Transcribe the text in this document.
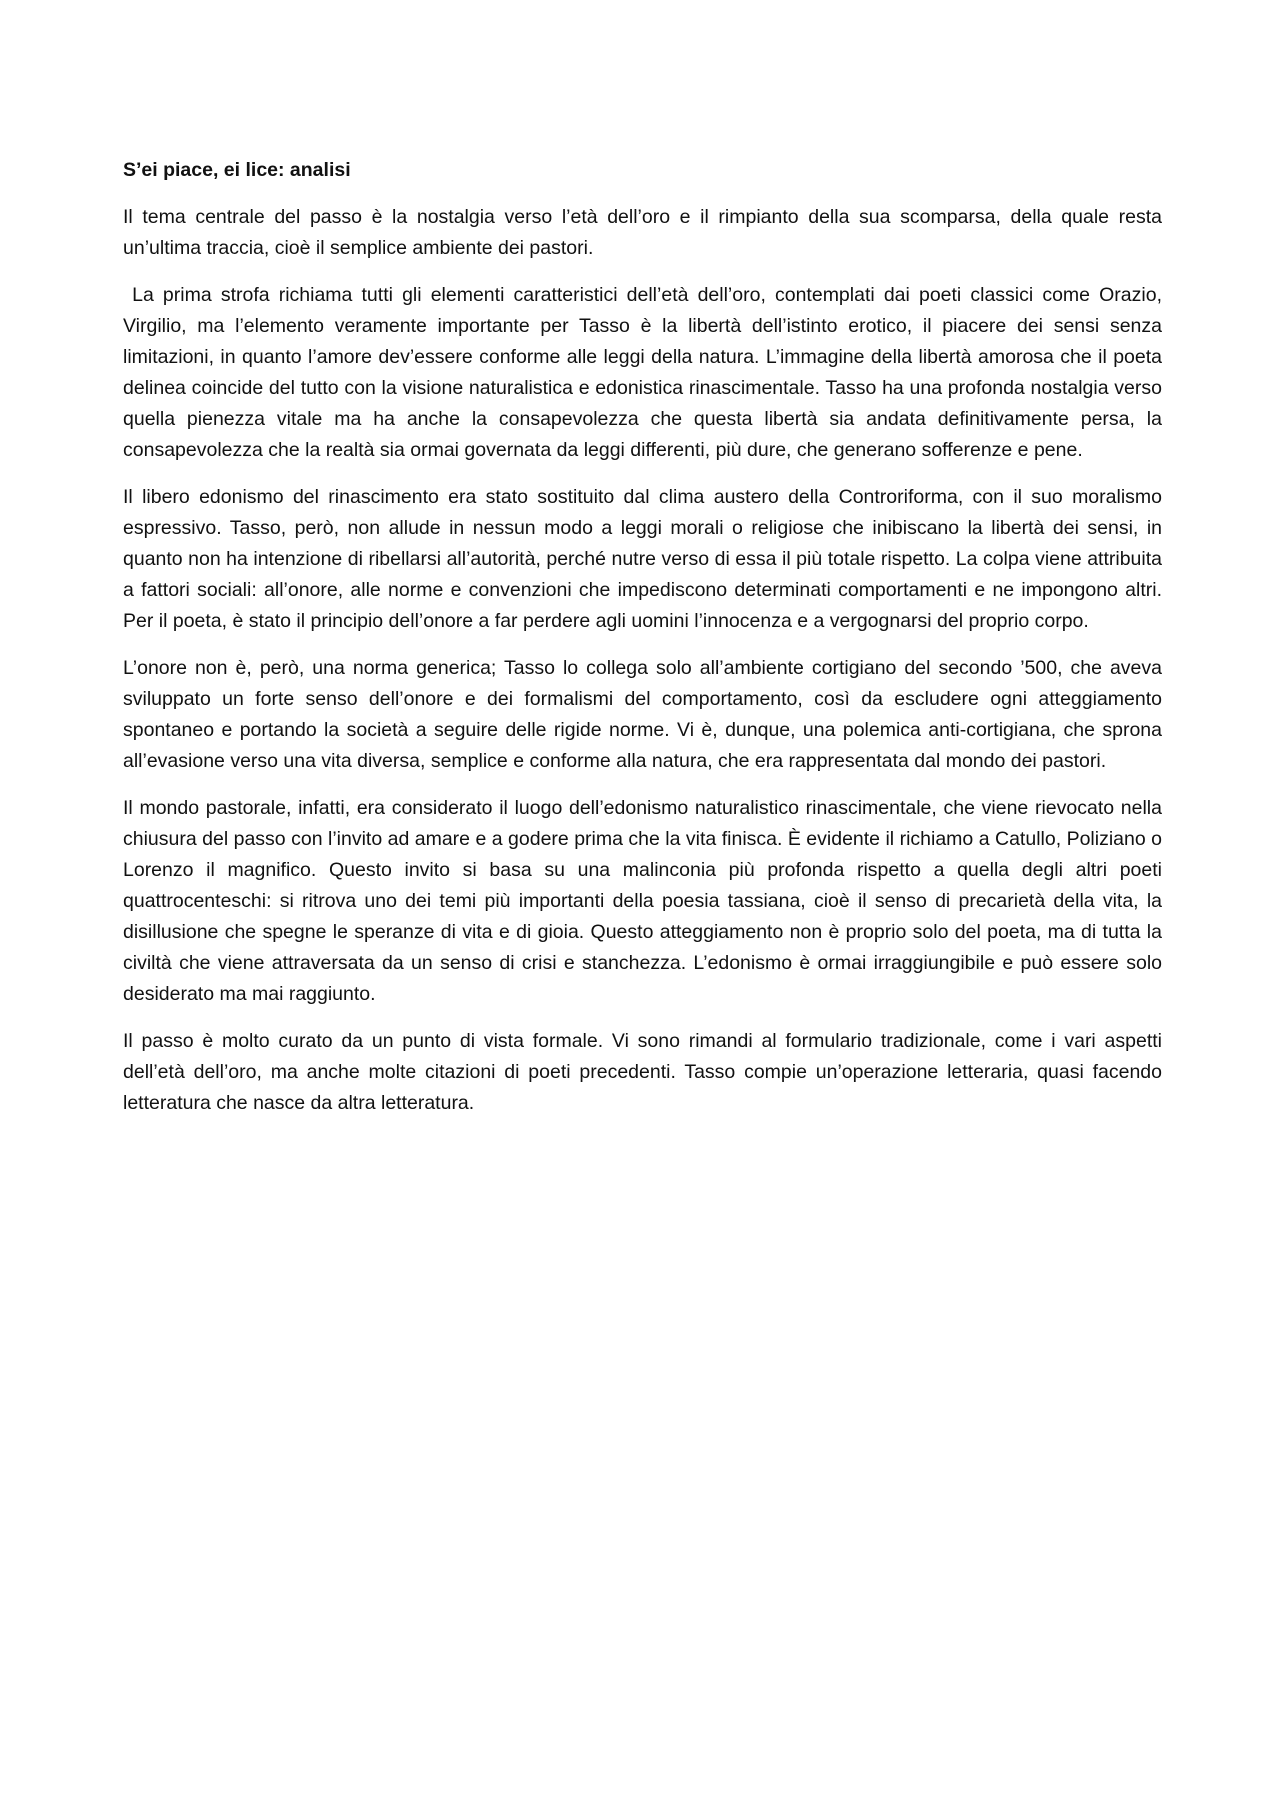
S’ei piace, ei lice: analisi

Il tema centrale del passo è la nostalgia verso l’età dell’oro e il rimpianto della sua scomparsa, della quale resta un’ultima traccia, cioè il semplice ambiente dei pastori.

La prima strofa richiama tutti gli elementi caratteristici dell’età dell’oro, contemplati dai poeti classici come Orazio, Virgilio, ma l’elemento veramente importante per Tasso è la libertà dell’istinto erotico, il piacere dei sensi senza limitazioni, in quanto l’amore dev’essere conforme alle leggi della natura. L’immagine della libertà amorosa che il poeta delinea coincide del tutto con la visione naturalistica e edonistica rinascimentale. Tasso ha una profonda nostalgia verso quella pienezza vitale ma ha anche la consapevolezza che questa libertà sia andata definitivamente persa, la consapevolezza che la realtà sia ormai governata da leggi differenti, più dure, che generano sofferenze e pene.

Il libero edonismo del rinascimento era stato sostituito dal clima austero della Controriforma, con il suo moralismo espressivo. Tasso, però, non allude in nessun modo a leggi morali o religiose che inibiscano la libertà dei sensi, in quanto non ha intenzione di ribellarsi all’autorità, perché nutre verso di essa il più totale rispetto. La colpa viene attribuita a fattori sociali: all’onore, alle norme e convenzioni che impediscono determinati comportamenti e ne impongono altri. Per il poeta, è stato il principio dell’onore a far perdere agli uomini l’innocenza e a vergognarsi del proprio corpo.

L’onore non è, però, una norma generica; Tasso lo collega solo all’ambiente cortigiano del secondo ’500, che aveva sviluppato un forte senso dell’onore e dei formalismi del comportamento, così da escludere ogni atteggiamento spontaneo e portando la società a seguire delle rigide norme. Vi è, dunque, una polemica anti-cortigiana, che sprona all’evasione verso una vita diversa, semplice e conforme alla natura, che era rappresentata dal mondo dei pastori.

Il mondo pastorale, infatti, era considerato il luogo dell’edonismo naturalistico rinascimentale, che viene rievocato nella chiusura del passo con l’invito ad amare e a godere prima che la vita finisca. È evidente il richiamo a Catullo, Poliziano o Lorenzo il magnifico. Questo invito si basa su una malinconia più profonda rispetto a quella degli altri poeti quattrocenteschi: si ritrova uno dei temi più importanti della poesia tassiana, cioè il senso di precarietà della vita, la disillusione che spegne le speranze di vita e di gioia. Questo atteggiamento non è proprio solo del poeta, ma di tutta la civiltà che viene attraversata da un senso di crisi e stanchezza. L’edonismo è ormai irraggiungibile e può essere solo desiderato ma mai raggiunto.

Il passo è molto curato da un punto di vista formale. Vi sono rimandi al formulario tradizionale, come i vari aspetti dell’età dell’oro, ma anche molte citazioni di poeti precedenti. Tasso compie un’operazione letteraria, quasi facendo letteratura che nasce da altra letteratura.
